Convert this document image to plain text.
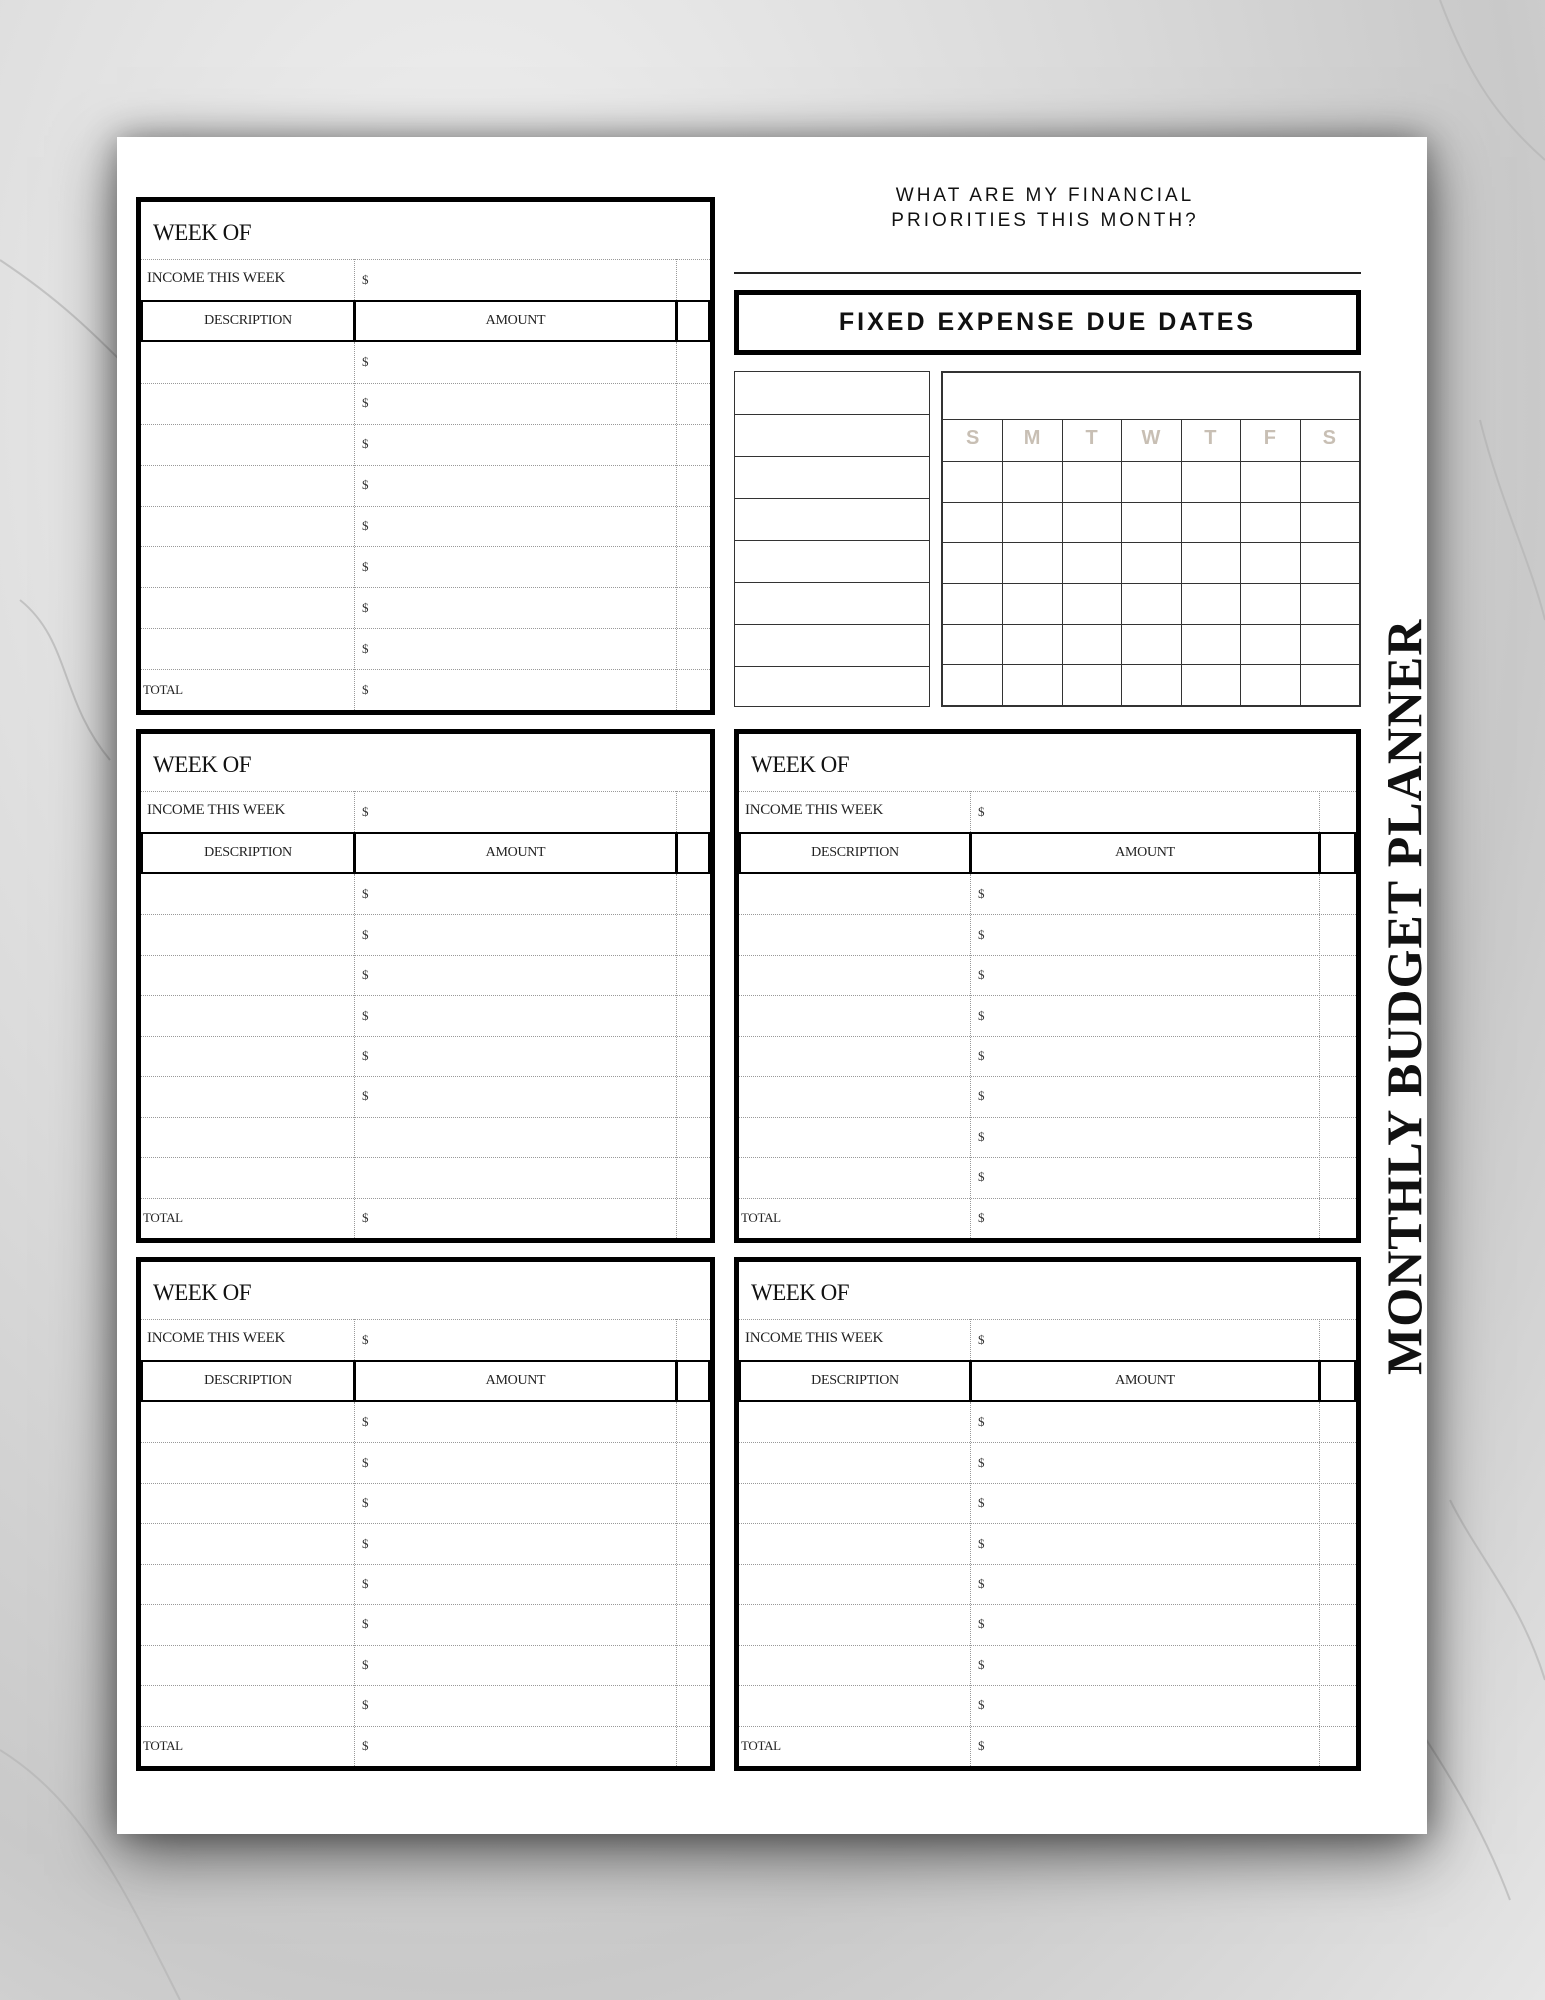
WHAT ARE MY FINANCIAL
PRIORITIES THIS MONTH?
FIXED EXPENSE DUE DATES
S	M	T	W	T	F	S
MONTHLY BUDGET PLANNER
WEEK OF
INCOME THIS WEEK	$
DESCRIPTION	AMOUNT
$
$
$
$
$
$
$
$
TOTAL	$
WEEK OF
INCOME THIS WEEK	$
DESCRIPTION	AMOUNT
$
$
$
$
$
$
TOTAL	$
WEEK OF
INCOME THIS WEEK	$
DESCRIPTION	AMOUNT
$
$
$
$
$
$
$
$
TOTAL	$
WEEK OF
INCOME THIS WEEK	$
DESCRIPTION	AMOUNT
$
$
$
$
$
$
$
$
TOTAL	$
WEEK OF
INCOME THIS WEEK	$
DESCRIPTION	AMOUNT
$
$
$
$
$
$
$
$
TOTAL	$
